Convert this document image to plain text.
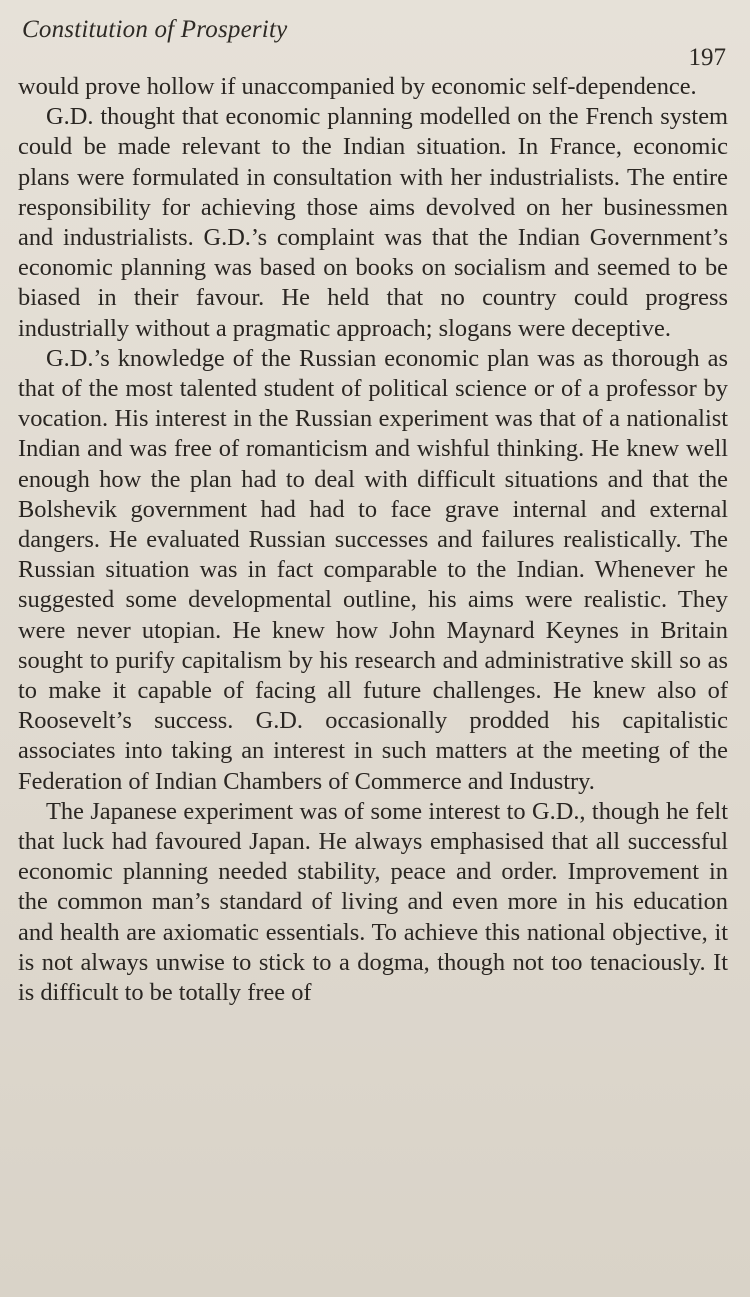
Constitution of Prosperity
197

would prove hollow if unaccompanied by economic self-dependence.

G.D. thought that economic planning modelled on the French system could be made relevant to the Indian situation. In France, economic plans were formulated in consultation with her industrialists. The entire responsibility for achieving those aims devolved on her businessmen and industrialists. G.D.’s complaint was that the Indian Government’s economic planning was based on books on socialism and seemed to be biased in their favour. He held that no country could progress industrially without a pragmatic approach; slogans were deceptive.

G.D.’s knowledge of the Russian economic plan was as thorough as that of the most talented student of political science or of a professor by vocation. His interest in the Russian experiment was that of a nationalist Indian and was free of romanticism and wishful thinking. He knew well enough how the plan had to deal with difficult situations and that the Bolshevik government had had to face grave internal and external dangers. He evaluated Russian successes and failures realistically. The Russian situation was in fact comparable to the Indian. Whenever he suggested some developmental outline, his aims were realistic. They were never utopian. He knew how John Maynard Keynes in Britain sought to purify capitalism by his research and administrative skill so as to make it capable of facing all future challenges. He knew also of Roosevelt’s success. G.D. occasionally prodded his capitalistic associates into taking an interest in such matters at the meeting of the Federation of Indian Chambers of Commerce and Industry.

The Japanese experiment was of some interest to G.D., though he felt that luck had favoured Japan. He always emphasised that all successful economic planning needed stability, peace and order. Improvement in the common man’s standard of living and even more in his education and health are axiomatic essentials. To achieve this national objective, it is not always unwise to stick to a dogma, though not too tenaciously. It is difficult to be totally free of
